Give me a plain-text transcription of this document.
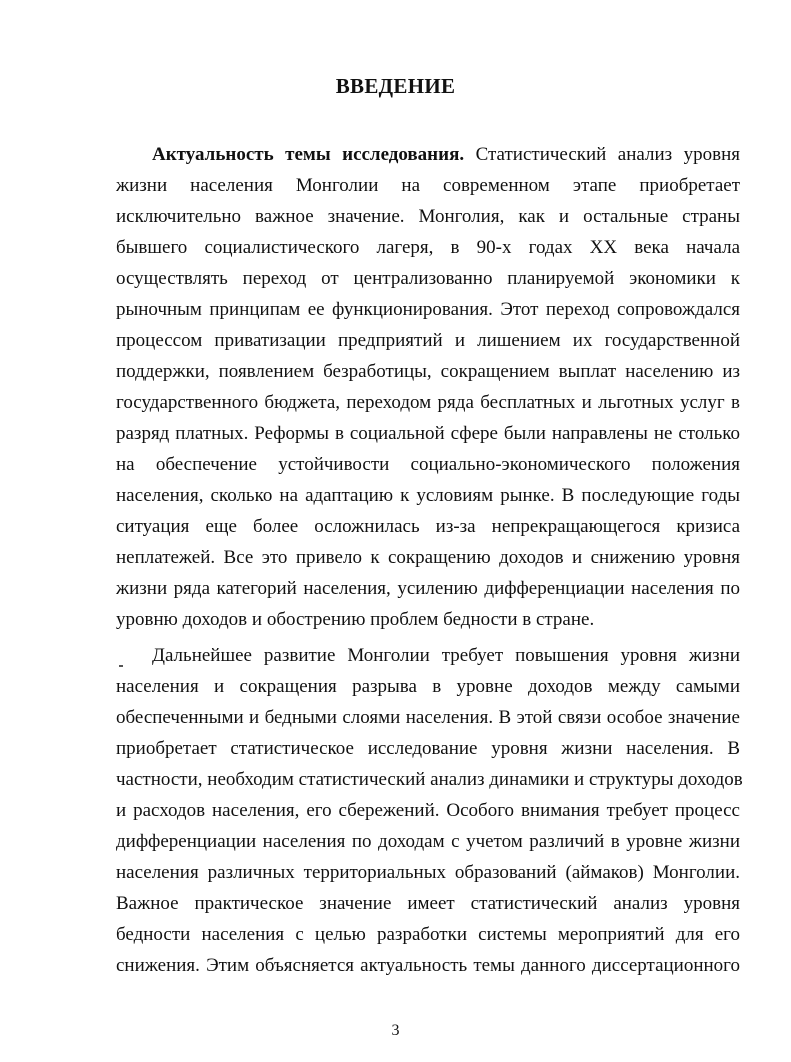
ВВЕДЕНИЕ
Актуальность темы исследования. Статистический анализ уровня
жизни населения Монголии на современном этапе приобретает
исключительно важное значение. Монголия, как и остальные страны
бывшего социалистического лагеря, в 90-х годах XX века начала
осуществлять переход от централизованно планируемой экономики к
рыночным принципам ее функционирования. Этот переход сопровождался
процессом приватизации предприятий и лишением их государственной
поддержки, появлением безработицы, сокращением выплат населению из
государственного бюджета, переходом ряда бесплатных и льготных услуг в
разряд платных. Реформы в социальной сфере были направлены не столько
на обеспечение устойчивости социально-экономического положения
населения, сколько на адаптацию к условиям рынке. В последующие годы
ситуация еще более осложнилась из-за непрекращающегося кризиса
неплатежей. Все это привело к сокращению доходов и снижению уровня
жизни ряда категорий населения, усилению дифференциации населения по
уровню доходов и обострению проблем бедности в стране.
Дальнейшее развитие Монголии требует повышения уровня жизни
населения и сокращения разрыва в уровне доходов между самыми
обеспеченными и бедными слоями населения. В этой связи особое значение
приобретает статистическое исследование уровня жизни населения. В
частности, необходим статистический анализ динамики и структуры доходов
и расходов населения, его сбережений. Особого внимания требует процесс
дифференциации населения по доходам с учетом различий в уровне жизни
населения различных территориальных образований (аймаков) Монголии.
Важное практическое значение имеет статистический анализ уровня
бедности населения с целью разработки системы мероприятий для его
снижения. Этим объясняется актуальность темы данного диссертационного
3
